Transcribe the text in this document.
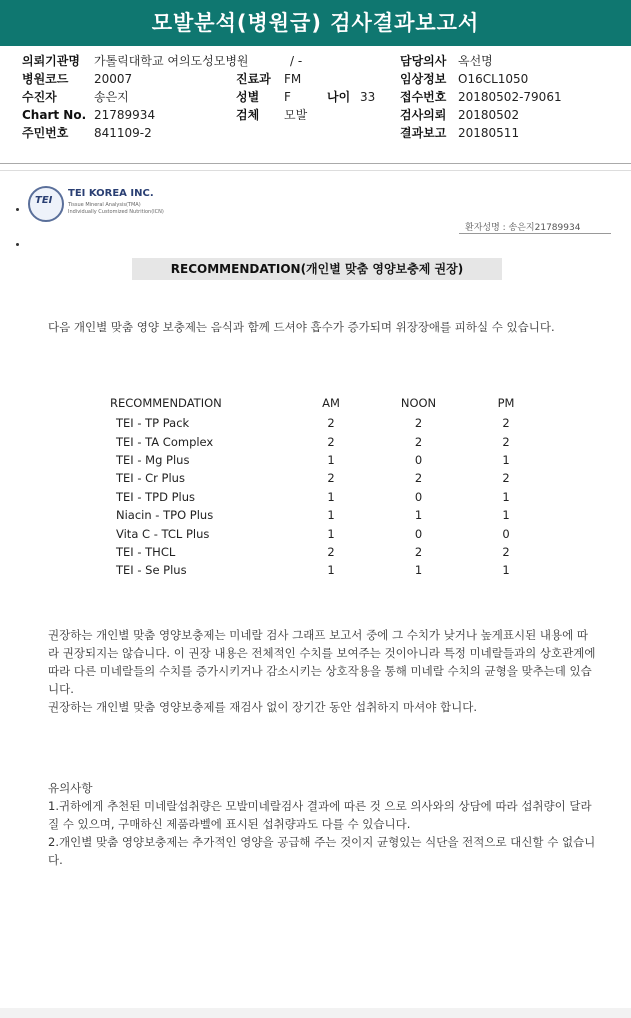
모발분석(병원급) 검사결과보고서
의뢰기관명 가톨릭대학교 여의도성모병원	/ -	담당의사 옥선명
병원코드 20007	진료과 FM	임상정보 O16CL1050
수진자	송은지	성별 F	나이 33 접수번호 20180502-79061
Chart No. 21789934	검체 모발	검사의뢰 20180502
주민번호 841109-2	결과보고 20180511
TEI
TEI KOREA INC.
Tissue Mineral Analysis(TMA)
Individually Customized Nutrition(ICN)
환자성명 : 송은지21789934
RECOMMENDATION(개인별 맞춤 영양보충제 권장)
다음 개인별 맞춤 영양 보충제는 음식과 함께 드셔야 흡수가 증가되며 위장장애를 피하실 수 있습니다.
RECOMMENDATION	AM	NOON	PM
TEI - TP Pack	2	2	2
TEI - TA Complex	2	2	2
TEI - Mg Plus	1	0	1
TEI - Cr Plus	2	2	2
TEI - TPD Plus	1	0	1
Niacin - TPO Plus	1	1	1
Vita C - TCL Plus	1	0	0
TEI - THCL	2	2	2
TEI - Se Plus	1	1	1
권장하는 개인별 맞춤 영양보충제는 미네랄 검사 그래프 보고서 중에 그 수치가 낮거나 높게표시된 내용에 따라 권장되지는 않습니다. 이 권장 내용은 전체적인 수치를 보여주는 것이아니라 특정 미네랄들과의 상호관계에 따라 다른 미네랄들의 수치를 증가시키거나 감소시키는 상호작용을 통해 미네랄 수치의 균형을 맞추는데 있습니다.
권장하는 개인별 맞춤 영양보충제를 재검사 없이 장기간 동안 섭취하지 마셔야 합니다.
유의사항
1.귀하에게 추천된 미네랄섭취량은 모발미네랄검사 결과에 따른 것 으로 의사와의 상담에 따라 섭취량이 달라질 수 있으며, 구매하신 제품라벨에 표시된 섭취량과도 다를 수 있습니다.
2.개인별 맞춤 영양보충제는 추가적인 영양을 공급해 주는 것이지 균형있는 식단을 전적으로 대신할 수 없습니다.
